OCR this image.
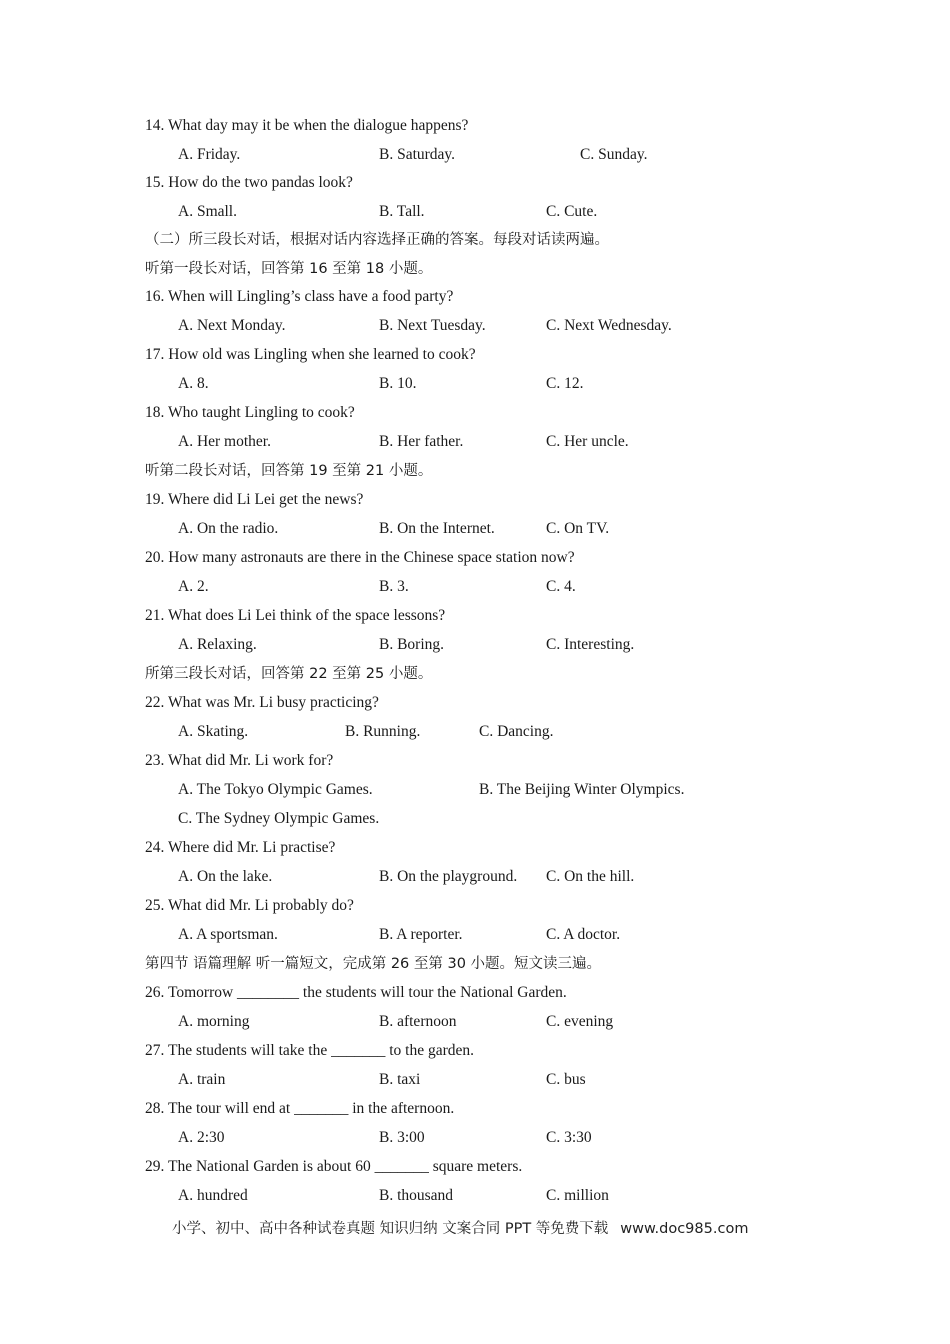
14. What day may it be when the dialogue happens?
A. Friday.	B. Saturday.	C. Sunday.
15. How do the two pandas look?
A. Small.	B. Tall.	C. Cute.
（二）所三段长对话，根据对话内容选择正确的答案。每段对话读两遍。
听第一段长对话，回答第 16 至第 18 小题。
16. When will Lingling’s class have a food party?
A. Next Monday.	B. Next Tuesday.	C. Next Wednesday.
17. How old was Lingling when she learned to cook?
A. 8.	B. 10.	C. 12.
18. Who taught Lingling to cook?
A. Her mother.	B. Her father.	C. Her uncle.
听第二段长对话，回答第 19 至第 21 小题。
19. Where did Li Lei get the news?
A. On the radio.	B. On the Internet.	C. On TV.
20. How many astronauts are there in the Chinese space station now?
A. 2.	B. 3.	C. 4.
21. What does Li Lei think of the space lessons?
A. Relaxing.	B. Boring.	C. Interesting.
所第三段长对话，回答第 22 至第 25 小题。
22. What was Mr. Li busy practicing?
A. Skating.	B. Running.	C. Dancing.
23. What did Mr. Li work for?
A. The Tokyo Olympic Games.	B. The Beijing Winter Olympics.
C. The Sydney Olympic Games.
24. Where did Mr. Li practise?
A. On the lake.	B. On the playground. C. On the hill.
25. What did Mr. Li probably do?
A. A sportsman.	B. A reporter.	C. A doctor.
第四节 语篇理解 听一篇短文，完成第 26 至第 30 小题。短文读三遍。
26. Tomorrow ________ the students will tour the National Garden.
A. morning	B. afternoon	C. evening
27. The students will take the _______ to the garden.
A. train	B. taxi	C. bus
28. The tour will end at _______ in the afternoon.
A. 2:30	B. 3:00	C. 3:30
29. The National Garden is about 60 _______ square meters.
A. hundred	B. thousand	C. million
小学、初中、高中各种试卷真题 知识归纳 文案合同 PPT 等免费下载 www.doc985.com
